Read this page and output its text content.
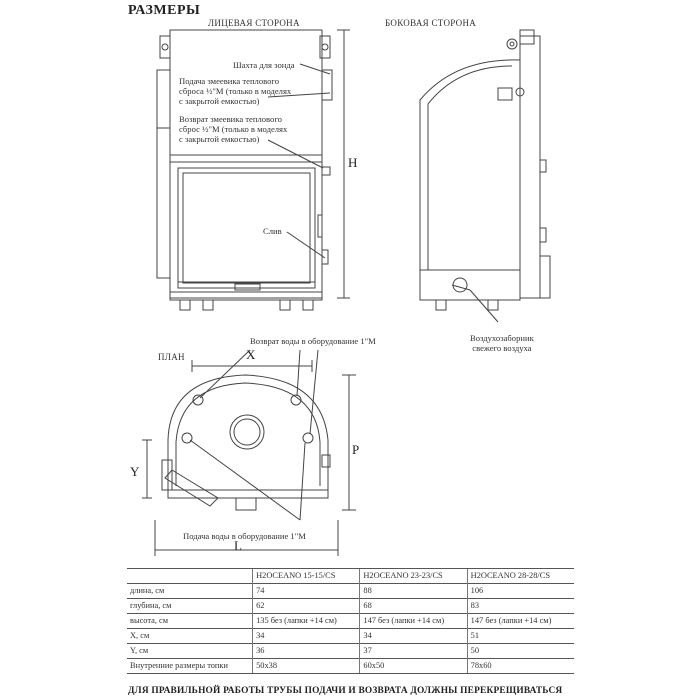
РАЗМЕРЫ
ЛИЦЕВАЯ СТОРОНА	БОКОВАЯ СТОРОНА
ПЛАН
Шахта для зонда
Подача змеевика теплового
сброса ½"М (только в моделях
с закрытой емкостью)
Возврат змеевика теплового
сброс ½"М (только в моделях
с закрытой емкостью)
Слив
Воздухозаборник
свежего воздуха
Возврат воды в оборудование 1"М
Подача воды в оборудование 1"М
H
X
Y
P
L
	H2OCEANO 15-15/CS	H2OCEANO 23-23/CS	H2OCEANO 28-28/CS
длина, см	74	88	106
глубина, см	62	68	83
высота, см	135 без (лапки +14 см)	147 без (лапки +14 см)	147 без (лапки +14 см)
X, см	34	34	51
Y, см	36	37	50
Внутренние размеры топки	50x38	60x50	78x60
ДЛЯ ПРАВИЛЬНОЙ РАБОТЫ ТРУБЫ ПОДАЧИ И ВОЗВРАТА ДОЛЖНЫ ПЕРЕКРЕЩИВАТЬСЯ
